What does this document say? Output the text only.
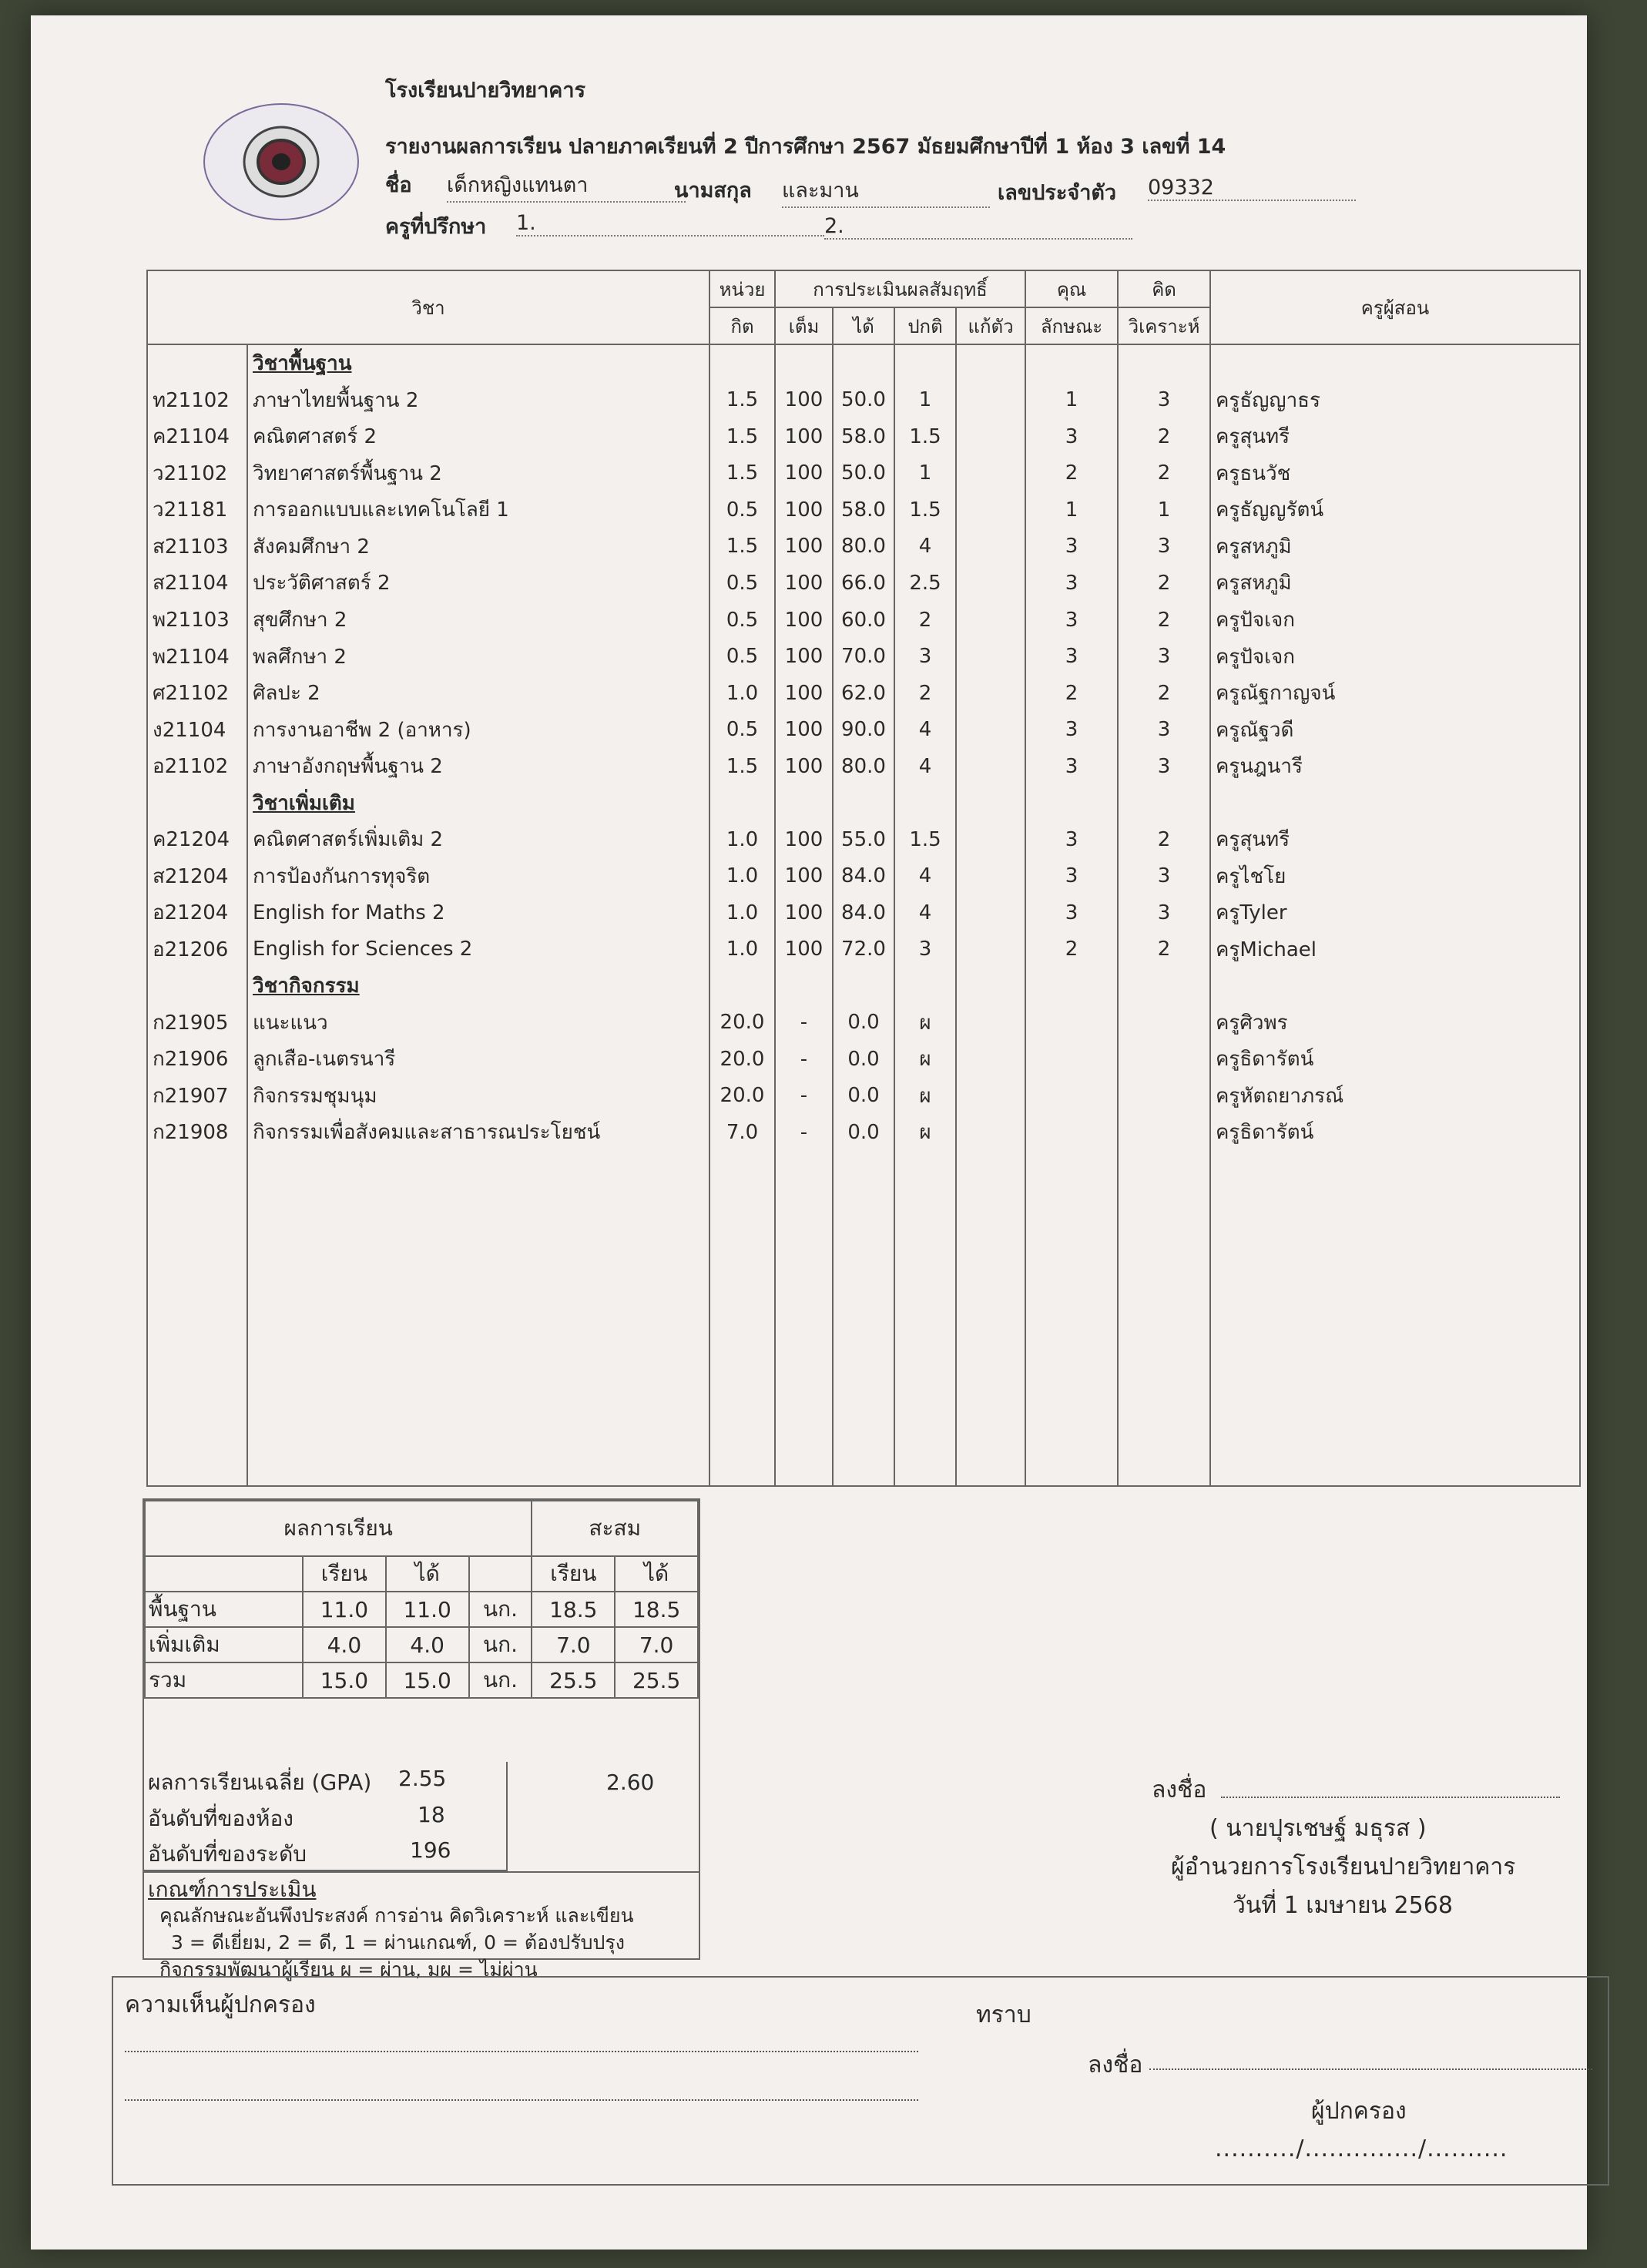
โรงเรียนปายวิทยาคาร
รายงานผลการเรียน ปลายภาคเรียนที่ 2 ปีการศึกษา 2567 มัธยมศึกษาปีที่ 1 ห้อง 3 เลขที่ 14
ชื่อ เด็กหญิงแทนตา	นามสกุล และมาน	เลขประจำตัว 09332
ครูที่ปรึกษา 1.	2.
วิชา		หน่วย	การประเมินผลสัมฤทธิ์				คุณ	คิด	ครูผู้สอน
		กิต	เต็ม	ได้	ปกติ	แก้ตัว	ลักษณะ	วิเคราะห์	
	วิชาพื้นฐาน								
ท21102	ภาษาไทยพื้นฐาน 2	1.5	100	50.0	1		1	3	ครูธัญญาธร
ค21104	คณิตศาสตร์ 2	1.5	100	58.0	1.5		3	2	ครูสุนทรี
ว21102	วิทยาศาสตร์พื้นฐาน 2	1.5	100	50.0	1		2	2	ครูธนวัช
ว21181	การออกแบบและเทคโนโลยี 1	0.5	100	58.0	1.5		1	1	ครูธัญญรัตน์
ส21103	สังคมศึกษา 2	1.5	100	80.0	4		3	3	ครูสหภูมิ
ส21104	ประวัติศาสตร์ 2	0.5	100	66.0	2.5		3	2	ครูสหภูมิ
พ21103	สุขศึกษา 2	0.5	100	60.0	2		3	2	ครูปัจเจก
พ21104	พลศึกษา 2	0.5	100	70.0	3		3	3	ครูปัจเจก
ศ21102	ศิลปะ 2	1.0	100	62.0	2		2	2	ครูณัฐกาญจน์
ง21104	การงานอาชีพ 2 (อาหาร)	0.5	100	90.0	4		3	3	ครูณัฐวดี
อ21102	ภาษาอังกฤษพื้นฐาน 2	1.5	100	80.0	4		3	3	ครูนฎนารี
	วิชาเพิ่มเติม								
ค21204	คณิตศาสตร์เพิ่มเติม 2	1.0	100	55.0	1.5		3	2	ครูสุนทรี
ส21204	การป้องกันการทุจริต	1.0	100	84.0	4		3	3	ครูไชโย
อ21204	English for Maths 2	1.0	100	84.0	4		3	3	ครูTyler
อ21206	English for Sciences 2	1.0	100	72.0	3		2	2	ครูMichael
	วิชากิจกรรม								
ก21905	แนะแนว	20.0	-	0.0	ผ				ครูศิวพร
ก21906	ลูกเสือ-เนตรนารี	20.0	-	0.0	ผ				ครูธิดารัตน์
ก21907	กิจกรรมชุมนุม	20.0	-	0.0	ผ				ครูหัตถยาภรณ์
ก21908	กิจกรรมเพื่อสังคมและสาธารณประโยชน์	7.0	-	0.0	ผ				ครูธิดารัตน์

ผลการเรียน				สะสม	
	เรียน	ได้		เรียน	ได้
พื้นฐาน	11.0	11.0	นก.	18.5	18.5
เพิ่มเติม	4.0	4.0	นก.	7.0	7.0
รวม	15.0	15.0	นก.	25.5	25.5
ผลการเรียนเฉลี่ย (GPA) 2.55	2.60
อันดับที่ของห้อง	18
อันดับที่ของระดับ	196
เกณฑ์การประเมิน
คุณลักษณะอันพึงประสงค์ การอ่าน คิดวิเคราะห์ และเขียน
3 = ดีเยี่ยม, 2 = ดี, 1 = ผ่านเกณฑ์, 0 = ต้องปรับปรุง
กิจกรรมพัฒนาผู้เรียน ผ = ผ่าน, มผ = ไม่ผ่าน
ลงชื่อ
( นายปุรเชษฐ์ มธุรส )
ผู้อำนวยการโรงเรียนปายวิทยาคาร
วันที่ 1 เมษายน 2568
ความเห็นผู้ปกครอง	ทราบ
ลงชื่อ
ผู้ปกครอง
........../............../..........
